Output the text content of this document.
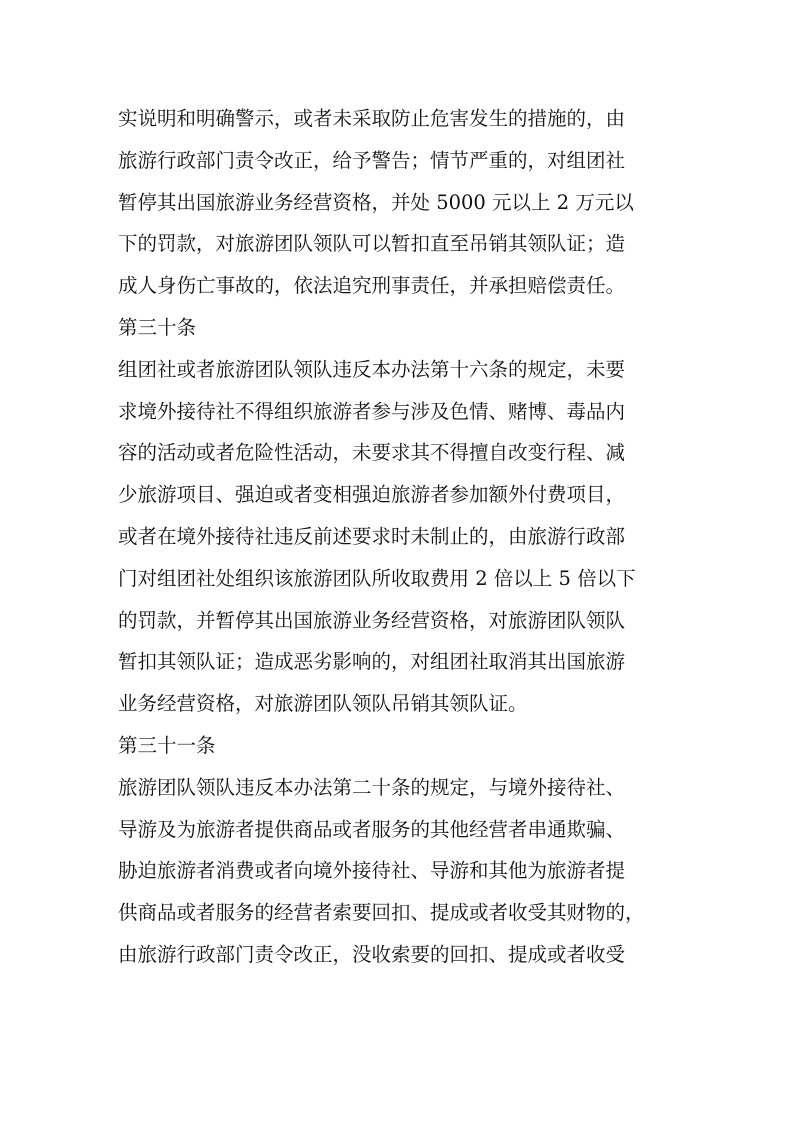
实说明和明确警示，或者未采取防止危害发生的措施的，由
旅游行政部门责令改正，给予警告；情节严重的，对组团社
暂停其出国旅游业务经营资格，并处 5000 元以上 2 万元以
下的罚款，对旅游团队领队可以暂扣直至吊销其领队证；造
成人身伤亡事故的，依法追究刑事责任，并承担赔偿责任。
第三十条
组团社或者旅游团队领队违反本办法第十六条的规定，未要
求境外接待社不得组织旅游者参与涉及色情、赌博、毒品内
容的活动或者危险性活动，未要求其不得擅自改变行程、减
少旅游项目、强迫或者变相强迫旅游者参加额外付费项目，
或者在境外接待社违反前述要求时未制止的，由旅游行政部
门对组团社处组织该旅游团队所收取费用 2 倍以上 5 倍以下
的罚款，并暂停其出国旅游业务经营资格，对旅游团队领队
暂扣其领队证；造成恶劣影响的，对组团社取消其出国旅游
业务经营资格，对旅游团队领队吊销其领队证。
第三十一条
旅游团队领队违反本办法第二十条的规定，与境外接待社、
导游及为旅游者提供商品或者服务的其他经营者串通欺骗、
胁迫旅游者消费或者向境外接待社、导游和其他为旅游者提
供商品或者服务的经营者索要回扣、提成或者收受其财物的，
由旅游行政部门责令改正，没收索要的回扣、提成或者收受
